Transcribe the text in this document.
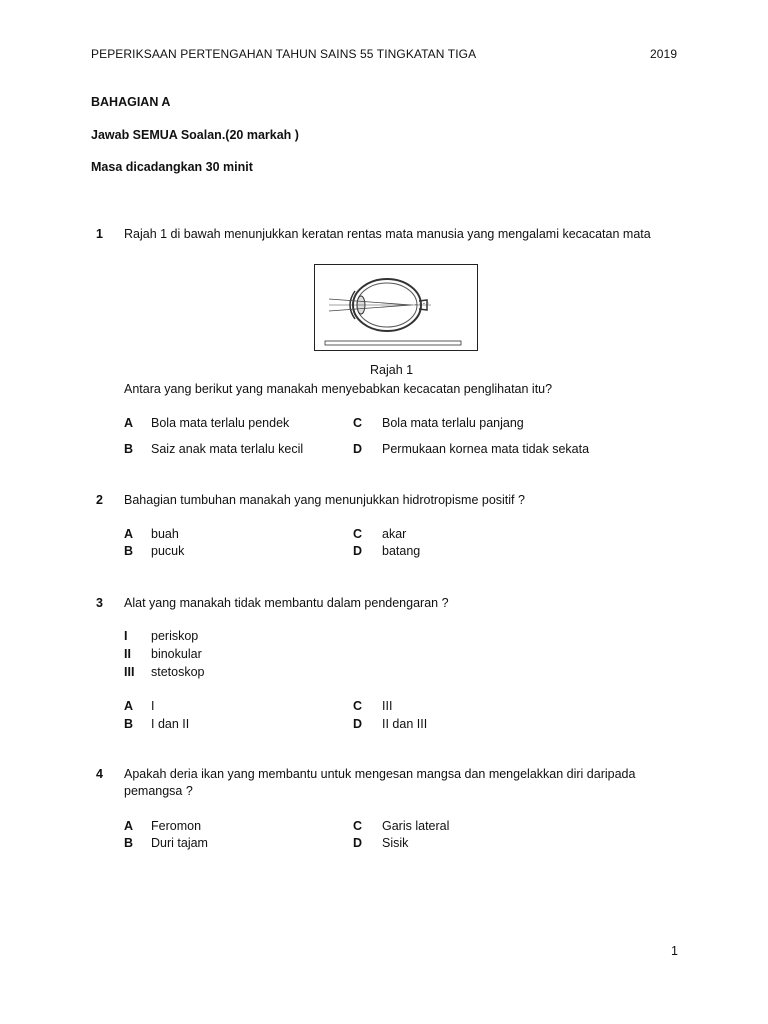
PEPERIKSAAN PERTENGAHAN TAHUN SAINS 55 TINGKATAN TIGA	2019
BAHAGIAN A
Jawab SEMUA Soalan.(20 markah )
Masa dicadangkan 30 minit
1 Rajah 1 di bawah menunjukkan keratan rentas mata manusia yang mengalami kecacatan mata
Rajah 1
Antara yang berikut yang manakah menyebabkan kecacatan penglihatan itu?
A Bola mata terlalu pendek	C Bola mata terlalu panjang
B Saiz anak mata terlalu kecil	D Permukaan kornea mata tidak sekata
2 Bahagian tumbuhan manakah yang menunjukkan hidrotropisme positif ?
A buah	C akar
B pucuk	D batang
3 Alat yang manakah tidak membantu dalam pendengaran ?
I periskop
II binokular
III stetoskop
A I	C III
B I dan II	D II dan III
4 Apakah deria ikan yang membantu untuk mengesan mangsa dan mengelakkan diri daripada
pemangsa ?
A Feromon	C Garis lateral
B Duri tajam	D Sisik
1
